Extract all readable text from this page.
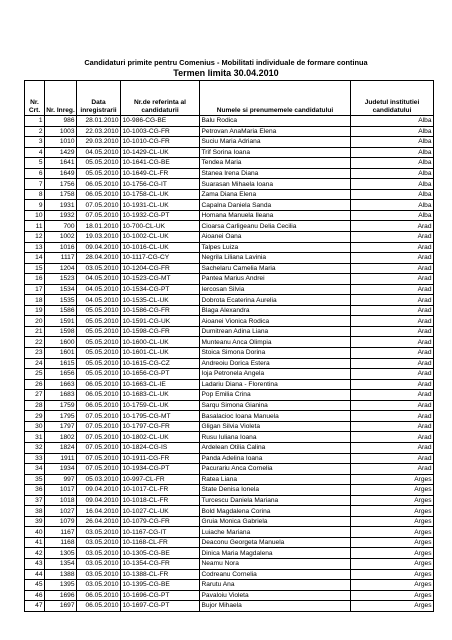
Candidaturi primite pentru Comenius - Mobilitati individuale de formare continua
Termen limita 30.04.2010
Nr. Crt.	Nr. Inreg.	Data inregistrarii	Nr.de referinta al candidaturii	Numele si prenumemele candidatului	Judetul institutiei candidatului
1	986	28.01.2010	10-986-CG-BE	Balu Rodica	Alba
2	1003	22.03.2010	10-1003-CG-FR	Petrovan AnaMaria Elena	Alba
3	1010	29.03.2010	10-1010-CG-FR	Suciu Maria Adriana	Alba
4	1429	04.05.2010	10-1429-CL-UK	Trif Sorina Ioana	Alba
5	1641	05.05.2010	10-1641-CG-BE	Tendea Maria	Alba
6	1649	05.05.2010	10-1649-CL-FR	Stanea Irena Diana	Alba
7	1756	06.05.2010	10-1756-CG-IT	Suarasan Mihaela Ioana	Alba
8	1758	06.05.2010	10-1758-CL-UK	Zama Diana Elena	Alba
9	1931	07.05.2010	10-1931-CL-UK	Capalna Daniela Sanda	Alba
10	1932	07.05.2010	10-1932-CG-PT	Homana Manuela Ileana	Alba
11	700	18.01.2010	10-700-CL-UK	Cioarsa Carligeanu Delia Cecilia	Arad
12	1002	19.03.2010	10-1002-CL-UK	Aioanei Oana	Arad
13	1016	09.04.2010	10-1016-CL-UK	Talpes Luiza	Arad
14	1117	28.04.2010	10-1117-CG-CY	Negrila Liliana Lavinia	Arad
15	1204	03.05.2010	10-1204-CG-FR	Sachelaru Camelia Maria	Arad
16	1523	04.05.2010	10-1523-CG-MT	Pantea Marius Andrei	Arad
17	1534	04.05.2010	10-1534-CG-PT	Iercosan Silvia	Arad
18	1535	04.05.2010	10-1535-CL-UK	Dobrota Ecaterina Aurelia	Arad
19	1586	05.05.2010	10-1586-CG-FR	Blaga Alexandra	Arad
20	1591	05.05.2010	10-1591-CG-UK	Aioanei Vionica Rodica	Arad
21	1598	05.05.2010	10-1598-CG-FR	Dumitrean Adina Liana	Arad
22	1600	05.05.2010	10-1600-CL-UK	Munteanu Anca Olimpia	Arad
23	1601	05.05.2010	10-1601-CL-UK	Stoica Simona Dorina	Arad
24	1615	05.05.2010	10-1615-CG-CZ	Andreoiu Dorica Estera	Arad
25	1656	05.05.2010	10-1656-CG-PT	Ioja Petronela Angela	Arad
26	1663	06.05.2010	10-1663-CL-IE	Ladariu Diana - Florentina	Arad
27	1683	06.05.2010	10-1683-CL-UK	Pop Emilia Crina	Arad
28	1759	06.05.2010	10-1759-CL-UK	Sarqu Simona Gianina	Arad
29	1795	07.05.2010	10-1795-CG-MT	Basalacioc Ioana Manuela	Arad
30	1797	07.05.2010	10-1797-CG-FR	Gligan Silvia Violeta	Arad
31	1802	07.05.2010	10-1802-CL-UK	Rusu Iuliana Ioana	Arad
32	1824	07.05.2010	10-1824-CG-IS	Ardelean Otilia Calina	Arad
33	1911	07.05.2010	10-1911-CG-FR	Panda Adelina Ioana	Arad
34	1934	07.05.2010	10-1934-CG-PT	Pacurariu Anca Cornelia	Arad
35	997	05.03.2010	10-997-CL-FR	Ratea Liana	Arges
36	1017	09.04.2010	10-1017-CL-FR	State Denisa Ionela	Arges
37	1018	09.04.2010	10-1018-CL-FR	Turcescu Daniela Mariana	Arges
38	1027	16.04.2010	10-1027-CL-UK	Bold Magdalena Corina	Arges
39	1079	26.04.2010	10-1079-CG-FR	Gruia Monica Gabriela	Arges
40	1167	03.05.2010	10-1167-CG-IT	Luiache Mariana	Arges
41	1168	03.05.2010	10-1168-CL-FR	Deaconu Georgeta Manuela	Arges
42	1305	03.05.2010	10-1305-CG-BE	Dinica Maria Magdalena	Arges
43	1354	03.05.2010	10-1354-CG-FR	Neamu Nora	Arges
44	1388	03.05.2010	10-1388-CL-FR	Codreanu Cornelia	Arges
45	1395	03.05.2010	10-1395-CG-BE	Rarutu Ana	Arges
46	1696	06.05.2010	10-1696-CG-PT	Pavaloiu Violeta	Arges
47	1697	06.05.2010	10-1697-CG-PT	Bujor Mihaela	Arges
